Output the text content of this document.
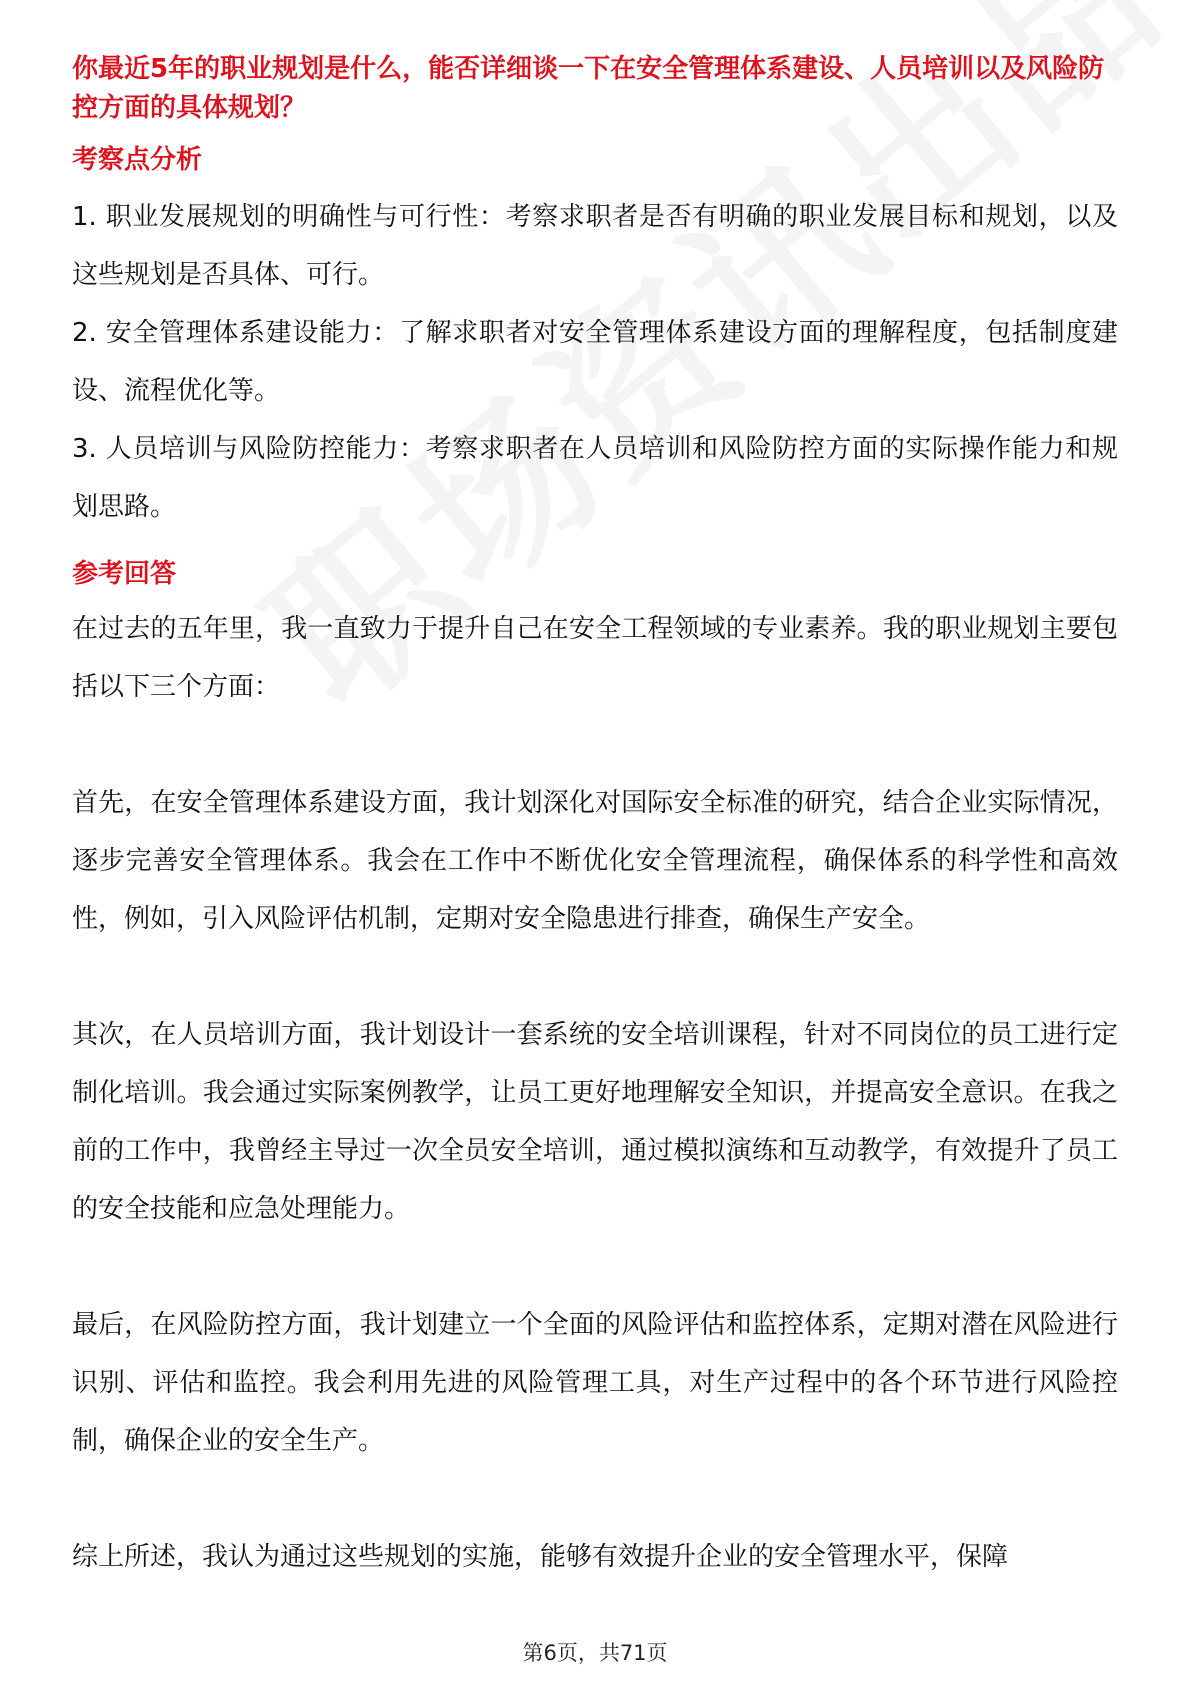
你最近5年的职业规划是什么，能否详细谈一下在安全管理体系建设、人员培训以及风险防控方面的具体规划？

考察点分析

1. 职业发展规划的明确性与可行性：考察求职者是否有明确的职业发展目标和规划，以及这些规划是否具体、可行。

2. 安全管理体系建设能力：了解求职者对安全管理体系建设方面的理解程度，包括制度建设、流程优化等。

3. 人员培训与风险防控能力：考察求职者在人员培训和风险防控方面的实际操作能力和规划思路。

参考回答

在过去的五年里，我一直致力于提升自己在安全工程领域的专业素养。我的职业规划主要包括以下三个方面：

首先，在安全管理体系建设方面，我计划深化对国际安全标准的研究，结合企业实际情况，逐步完善安全管理体系。我会在工作中不断优化安全管理流程，确保体系的科学性和高效性，例如，引入风险评估机制，定期对安全隐患进行排查，确保生产安全。

其次，在人员培训方面，我计划设计一套系统的安全培训课程，针对不同岗位的员工进行定制化培训。我会通过实际案例教学，让员工更好地理解安全知识，并提高安全意识。在我之前的工作中，我曾经主导过一次全员安全培训，通过模拟演练和互动教学，有效提升了员工的安全技能和应急处理能力。

最后，在风险防控方面，我计划建立一个全面的风险评估和监控体系，定期对潜在风险进行识别、评估和监控。我会利用先进的风险管理工具，对生产过程中的各个环节进行风险控制，确保企业的安全生产。

综上所述，我认为通过这些规划的实施，能够有效提升企业的安全管理水平，保障

第6页，共71页
